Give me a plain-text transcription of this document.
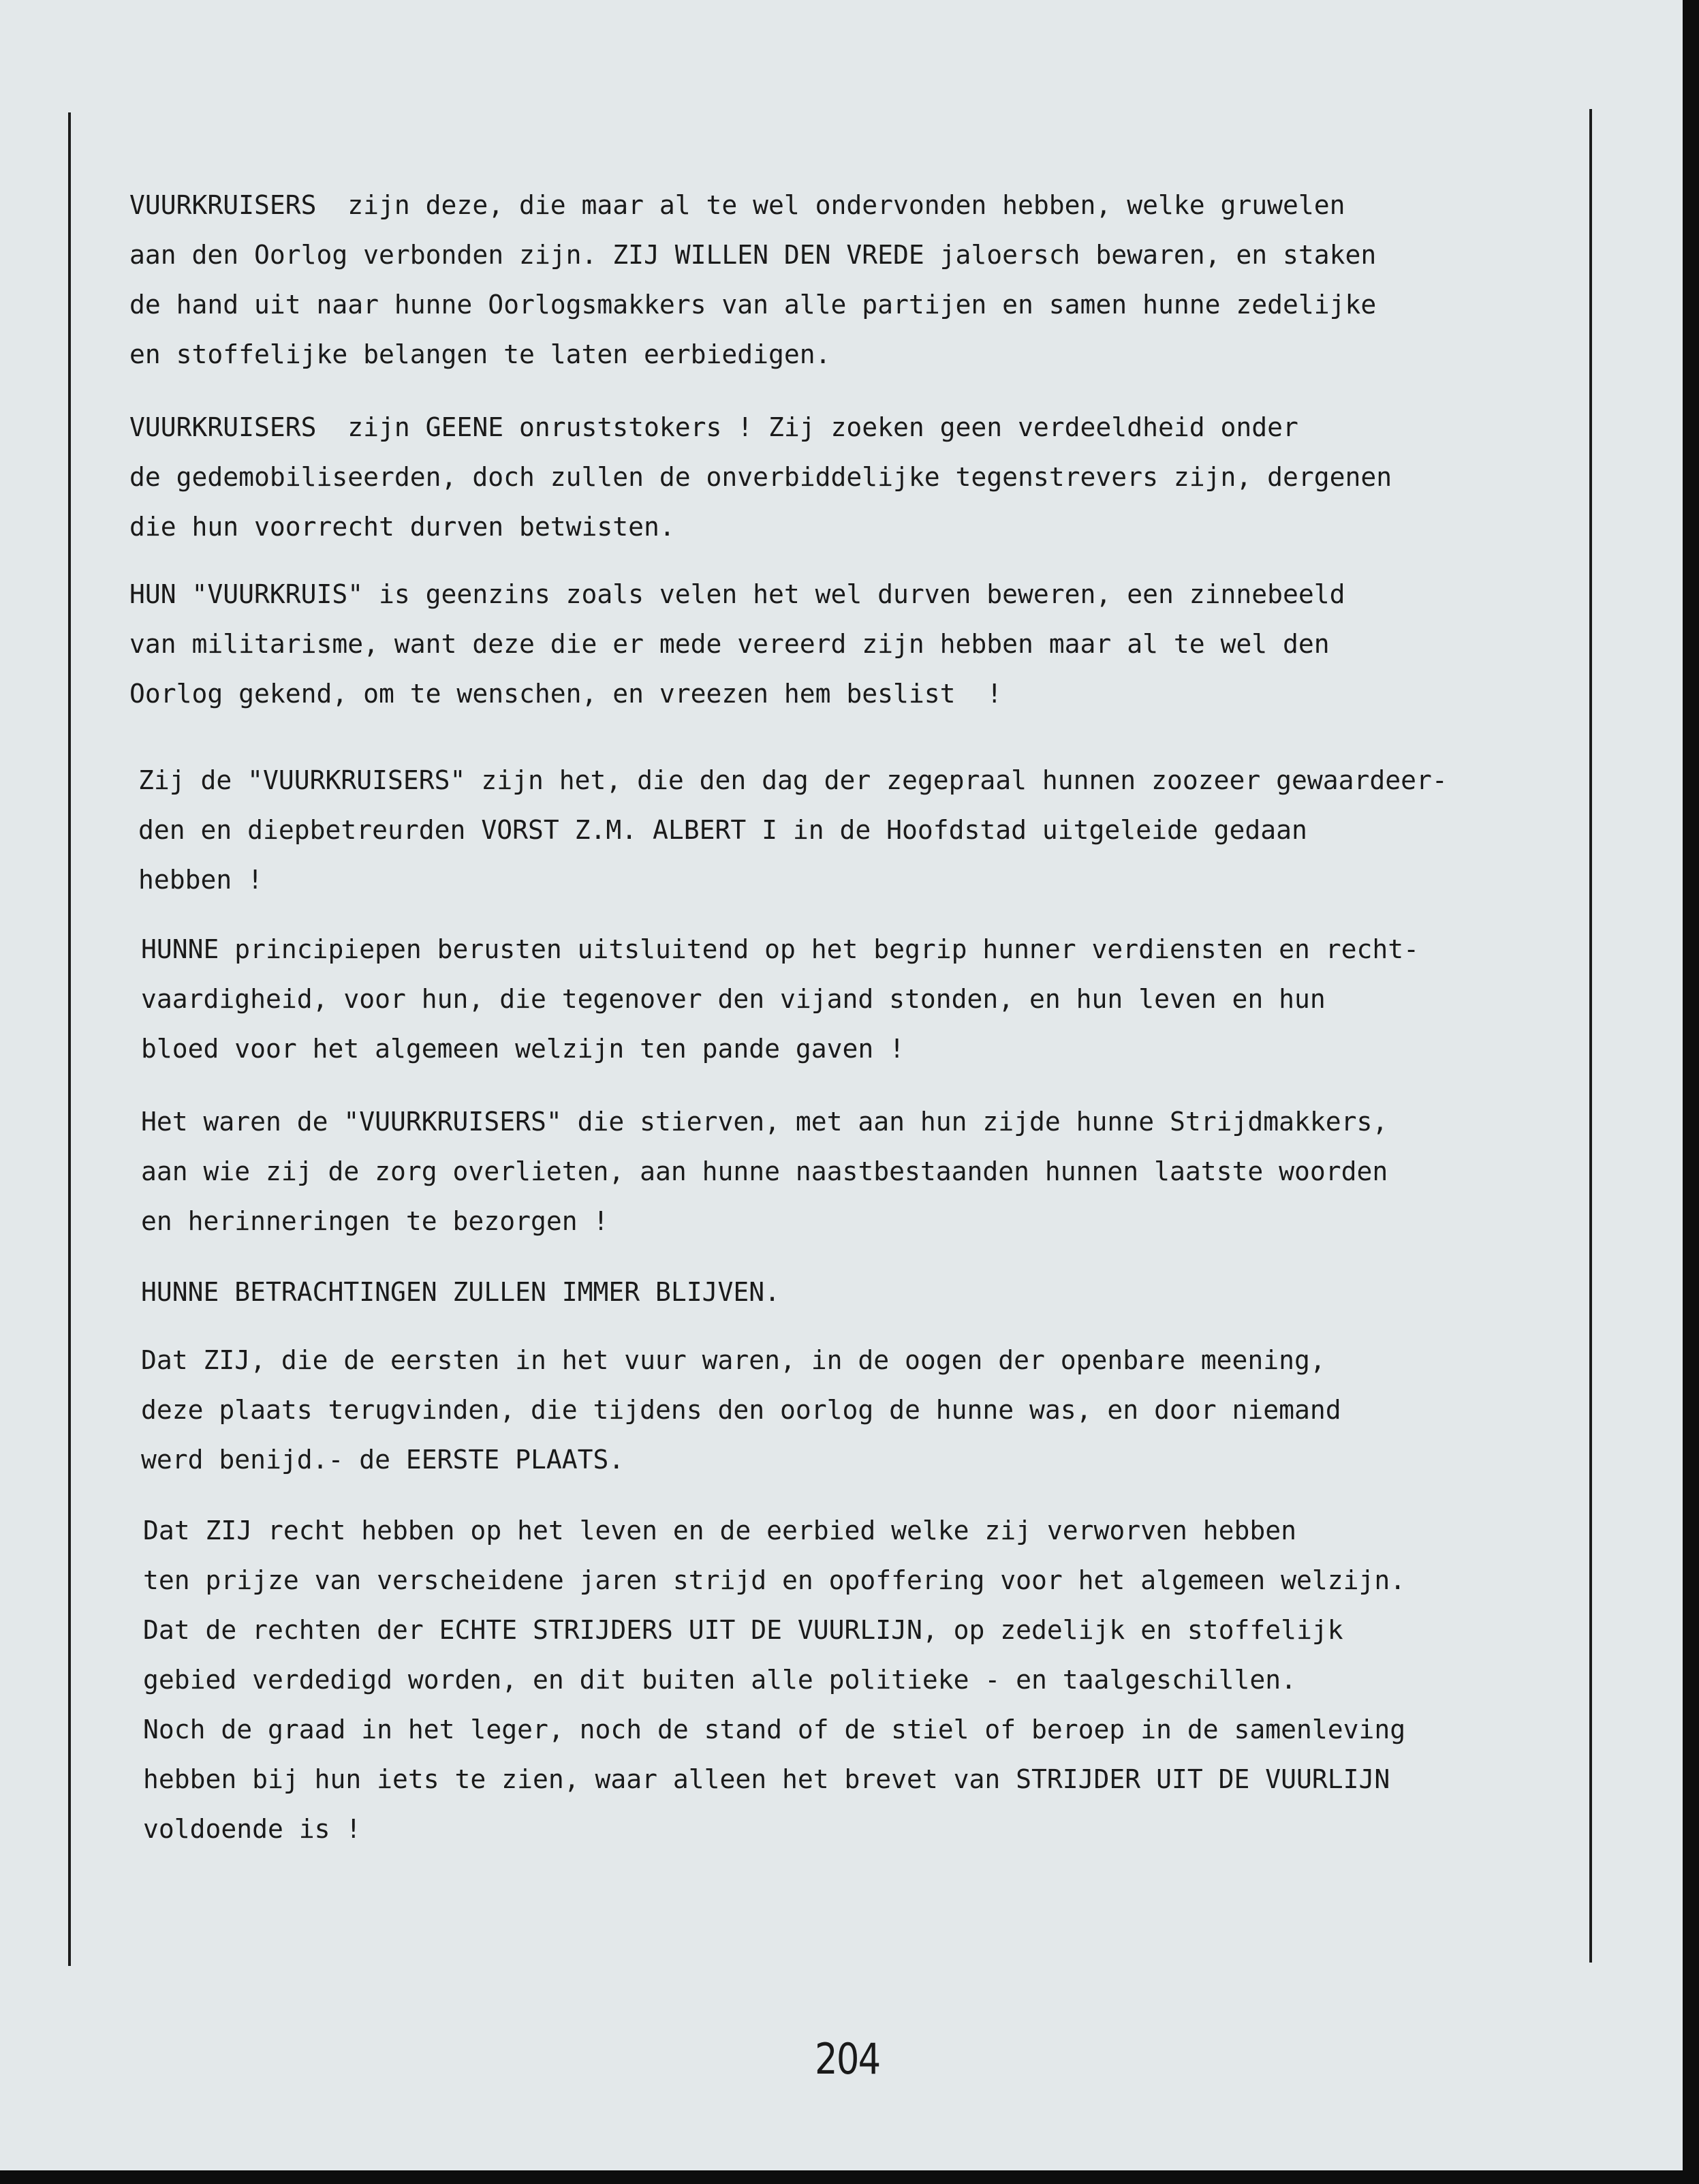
VUURKRUISERS  zijn deze, die maar al te wel ondervonden hebben, welke gruwelen
aan den Oorlog verbonden zijn. ZIJ WILLEN DEN VREDE jaloersch bewaren, en staken
de hand uit naar hunne Oorlogsmakkers van alle partijen en samen hunne zedelijke
en stoffelijke belangen te laten eerbiedigen.

VUURKRUISERS  zijn GEENE onruststokers ! Zij zoeken geen verdeeldheid onder
de gedemobiliseerden, doch zullen de onverbiddelijke tegenstrevers zijn, dergenen
die hun voorrecht durven betwisten.

HUN "VUURKRUIS" is geenzins zoals velen het wel durven beweren, een zinnebeeld
van militarisme, want deze die er mede vereerd zijn hebben maar al te wel den
Oorlog gekend, om te wenschen, en vreezen hem beslist  !

Zij de "VUURKRUISERS" zijn het, die den dag der zegepraal hunnen zoozeer gewaardeer-
den en diepbetreurden VORST Z.M. ALBERT I in de Hoofdstad uitgeleide gedaan
hebben !

HUNNE principiepen berusten uitsluitend op het begrip hunner verdiensten en recht-
vaardigheid, voor hun, die tegenover den vijand stonden, en hun leven en hun
bloed voor het algemeen welzijn ten pande gaven !

Het waren de "VUURKRUISERS" die stierven, met aan hun zijde hunne Strijdmakkers,
aan wie zij de zorg overlieten, aan hunne naastbestaanden hunnen laatste woorden
en herinneringen te bezorgen !

HUNNE BETRACHTINGEN ZULLEN IMMER BLIJVEN.

Dat ZIJ, die de eersten in het vuur waren, in de oogen der openbare meening,
deze plaats terugvinden, die tijdens den oorlog de hunne was, en door niemand
werd benijd.- de EERSTE PLAATS.

Dat ZIJ recht hebben op het leven en de eerbied welke zij verworven hebben
ten prijze van verscheidene jaren strijd en opoffering voor het algemeen welzijn.
Dat de rechten der ECHTE STRIJDERS UIT DE VUURLIJN, op zedelijk en stoffelijk
gebied verdedigd worden, en dit buiten alle politieke - en taalgeschillen.
Noch de graad in het leger, noch de stand of de stiel of beroep in de samenleving
hebben bij hun iets te zien, waar alleen het brevet van STRIJDER UIT DE VUURLIJN
voldoende is !

204
